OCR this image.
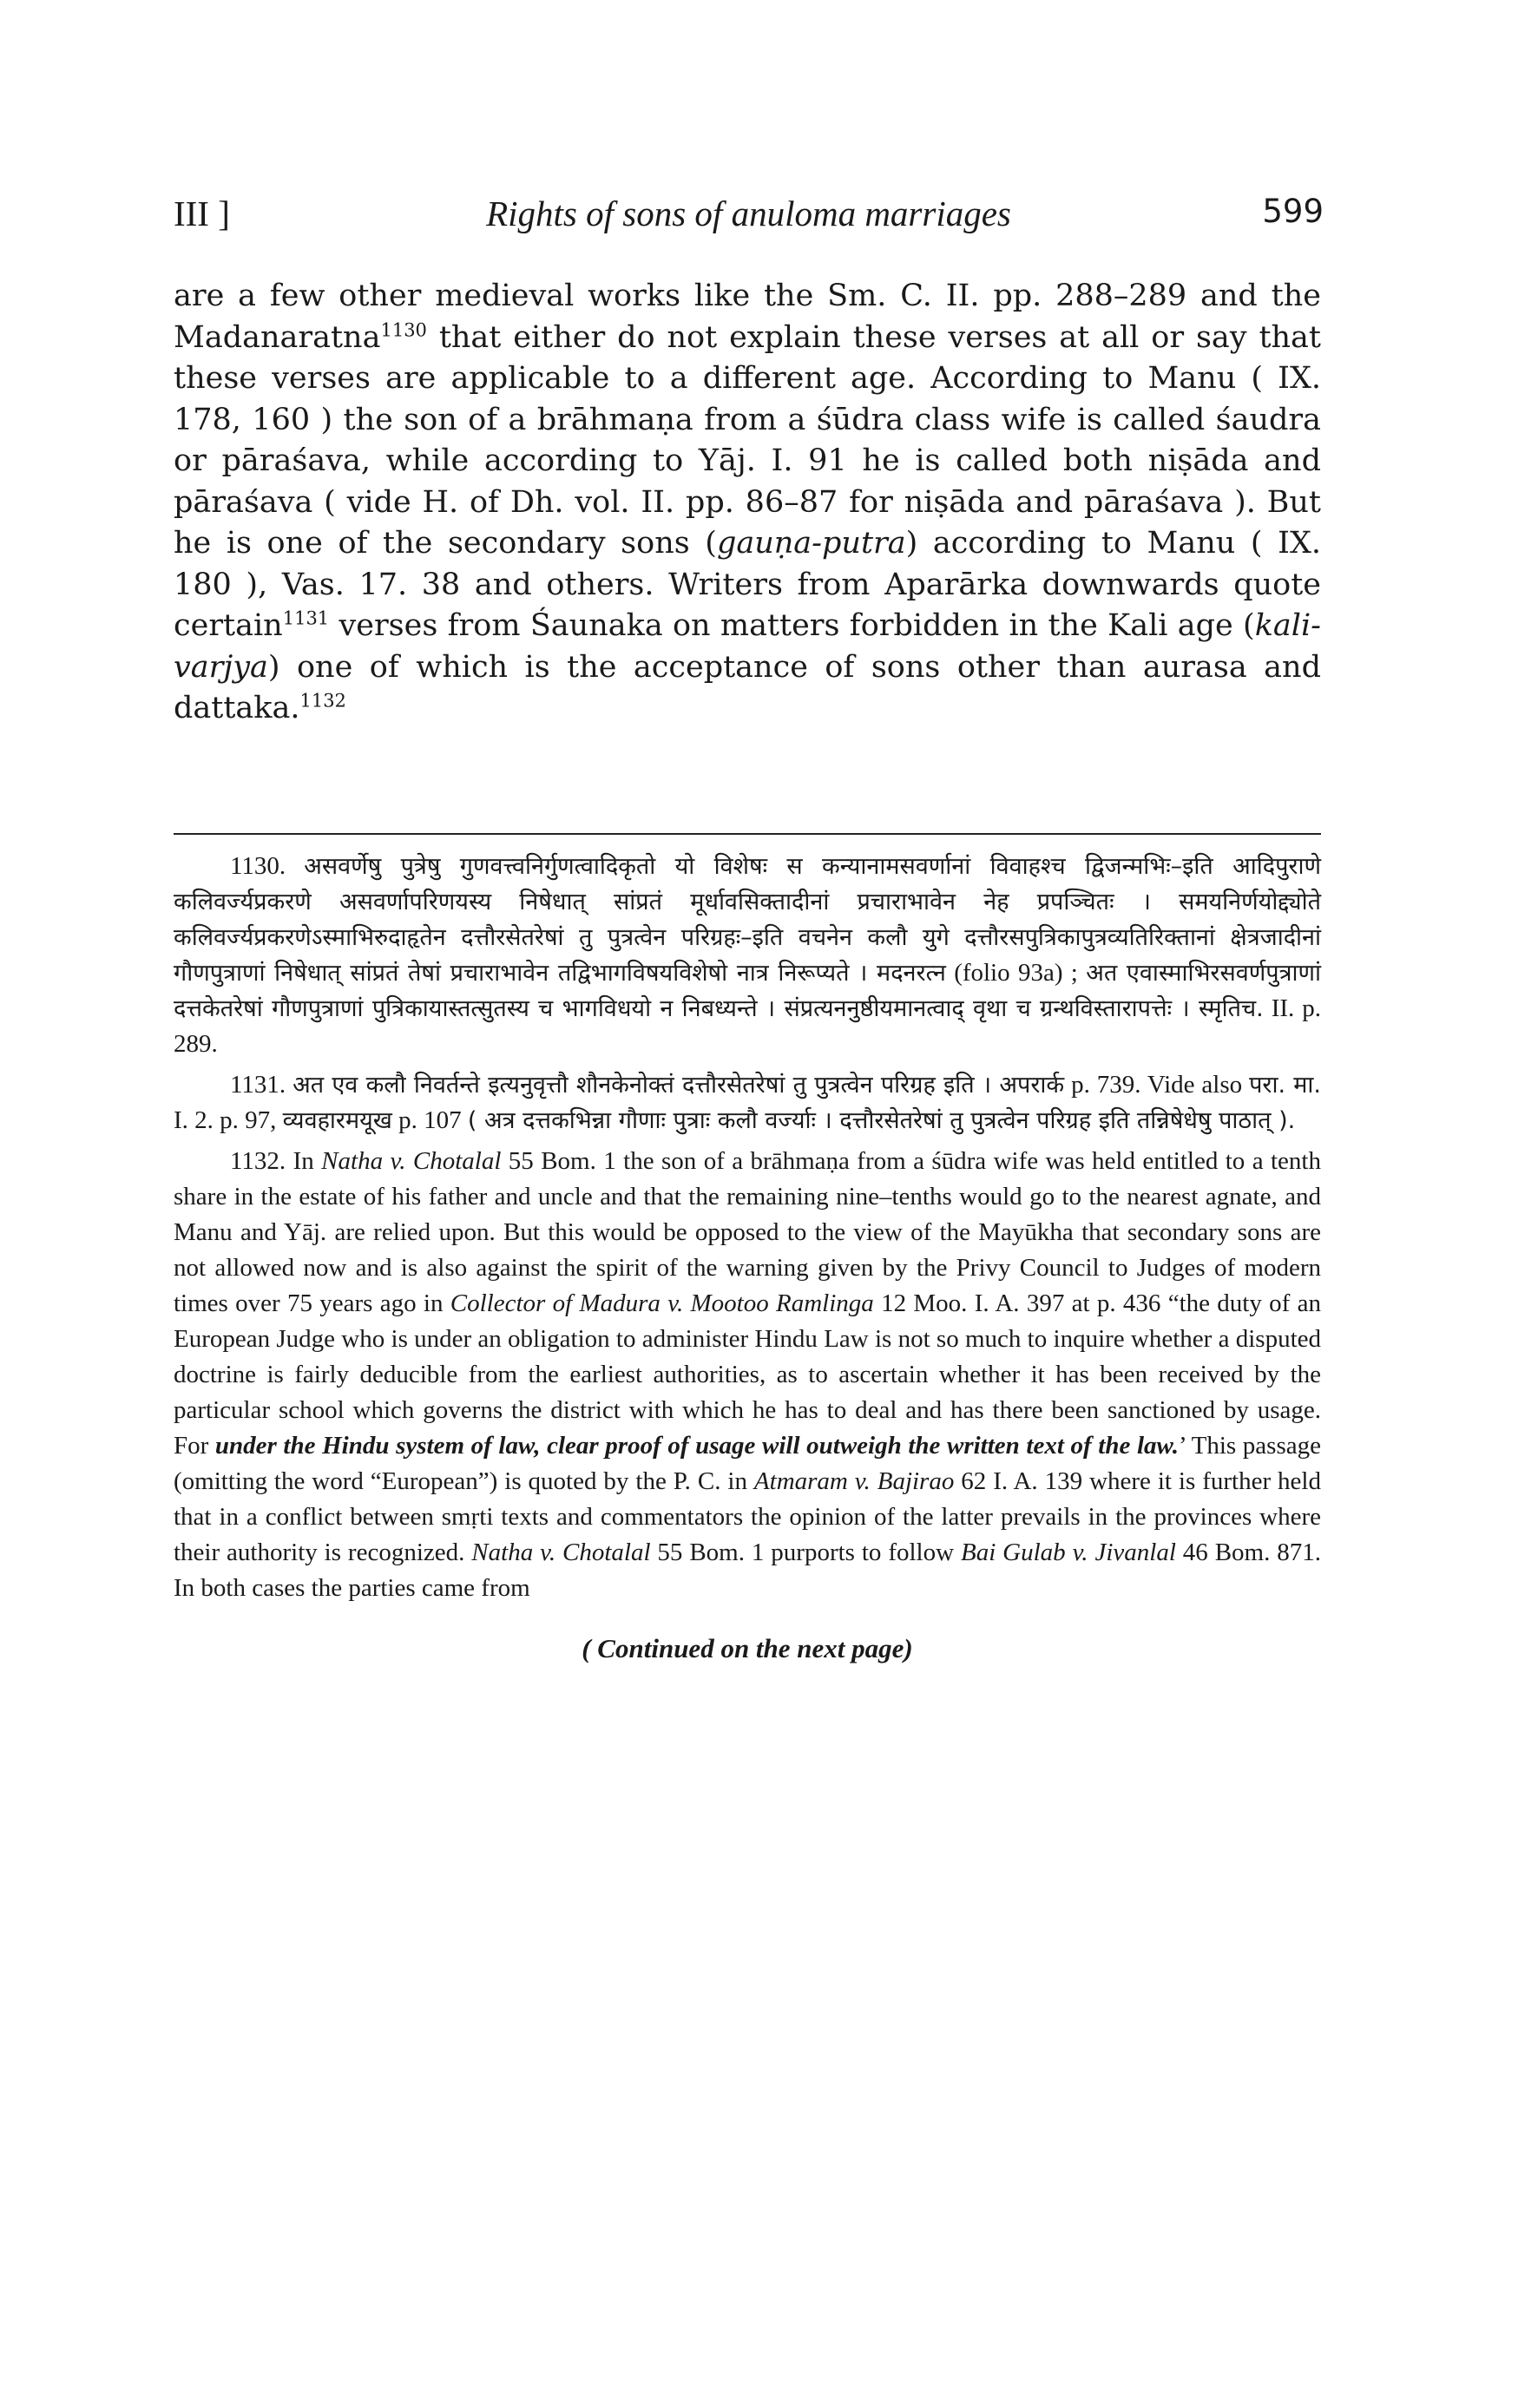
III ]	Rights of sons of anuloma marriages	599

are a few other medieval works like the Sm. C. II. pp. 288–289 and the Madanaratna$^{1130}$ that either do not explain these verses at all or say that these verses are applicable to a different age. According to Manu ( IX. 178, 160 ) the son of a brāhmaṇa from a śūdra class wife is called śaudra or pāraśava, while according to Yāj. I. 91 he is called both niṣāda and pāraśava ( vide H. of Dh. vol. II. pp. 86–87 for niṣāda and pāraśava ). But he is one of the secondary sons (gauṇa-putra) according to Manu ( IX. 180 ), Vas. 17. 38 and others. Writers from Aparārka downwards quote certain$^{1131}$ verses from Śaunaka on matters forbidden in the Kali age (kali-varjya) one of which is the acceptance of sons other than aurasa and dattaka.$^{1132}$

1130. असवर्णेषु पुत्रेषु गुणवत्त्वनिर्गुणत्वादिकृतो यो विशेषः स कन्यानामसवर्णानां विवाहश्च द्विजन्मभिः–इति आदिपुराणे कलिवर्ज्यप्रकरणे असवर्णापरिणयस्य निषेधात् सांप्रतं मूर्धावसिक्तादीनां प्रचाराभावेन नेह प्रपञ्चितः । समयनिर्णयोद्द्योते कलिवर्ज्यप्रकरणेऽस्माभिरुदाहृतेन दत्तौरसेतरेषां तु पुत्रत्वेन परिग्रहः–इति वचनेन कलौ युगे दत्तौरसपुत्रिकापुत्रव्यतिरिक्तानां क्षेत्रजादीनां गौणपुत्राणां निषेधात् सांप्रतं तेषां प्रचाराभावेन तद्विभागविषयविशेषो नात्र निरूप्यते । मदनरत्न (folio 93a) ; अत एवास्माभिरसवर्णपुत्राणां दत्तकेतरेषां गौणपुत्राणां पुत्रिकायास्तत्सुतस्य च भागविधयो न निबध्यन्ते । संप्रत्यननुष्ठीयमानत्वाद् वृथा च ग्रन्थविस्तारापत्तेः । स्मृतिच. II. p. 289.

1131. अत एव कलौ निवर्तन्ते इत्यनुवृत्तौ शौनकेनोक्तं दत्तौरसेतरेषां तु पुत्रत्वेन परिग्रह इति । अपरार्क p. 739. Vide also परा. मा. I. 2. p. 97, व्यवहारमयूख p. 107 ( अत्र दत्तकभिन्ना गौणाः पुत्राः कलौ वर्ज्याः । दत्तौरसेतरेषां तु पुत्रत्वेन परिग्रह इति तन्निषेधेषु पाठात् ).

1132. In Natha v. Chotalal 55 Bom. 1 the son of a brāhmaṇa from a śūdra wife was held entitled to a tenth share in the estate of his father and uncle and that the remaining nine–tenths would go to the nearest agnate, and Manu and Yāj. are relied upon. But this would be opposed to the view of the Mayūkha that secondary sons are not allowed now and is also against the spirit of the warning given by the Privy Council to Judges of modern times over 75 years ago in Collector of Madura v. Mootoo Ramlinga 12 Moo. I. A. 397 at p. 436 “the duty of an European Judge who is under an obligation to administer Hindu Law is not so much to inquire whether a disputed doctrine is fairly deducible from the earliest authorities, as to ascertain whether it has been received by the particular school which governs the district with which he has to deal and has there been sanctioned by usage. For under the Hindu system of law, clear proof of usage will outweigh the written text of the law.’ This passage (omitting the word “European”) is quoted by the P. C. in Atmaram v. Bajirao 62 I. A. 139 where it is further held that in a conflict between smṛti texts and commentators the opinion of the latter prevails in the provinces where their authority is recognized. Natha v. Chotalal 55 Bom. 1 purports to follow Bai Gulab v. Jivanlal 46 Bom. 871. In both cases the parties came from

( Continued on the next page)
